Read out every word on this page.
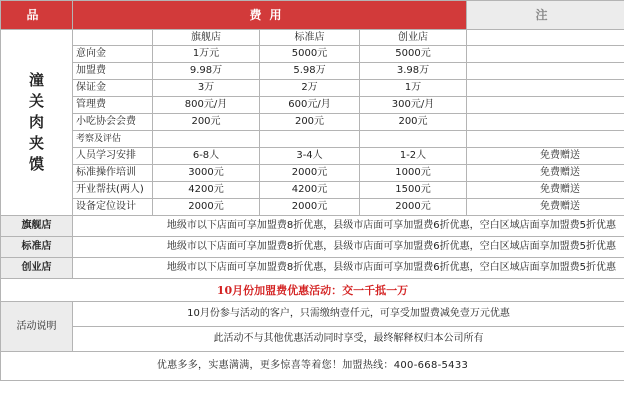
品	费用				注

潼
关
肉
夹
馍		旗舰店	标准店	创业店	
	意向金	1万元	5000元	5000元	
	加盟费	9.98万	5.98万	3.98万	
	保证金	3万	2万	1万	
	管理费	800元/月	600元/月	300元/月	
	小吃协会会费	200元	200元	200元	
	考察及评估				
	人员学习安排	6-8人	3-4人	1-2人	免费赠送
	标准操作培训	3000元	2000元	1000元	免费赠送
	开业帮扶(两人)	4200元	4200元	1500元	免费赠送
	设备定位设计	2000元	2000元	2000元	免费赠送
旗舰店	地级市以下店面可享加盟费8折优惠，县级市店面可享加盟费6折优惠，空白区域店面享加盟费5折优惠				
标准店	地级市以下店面可享加盟费8折优惠，县级市店面可享加盟费6折优惠，空白区域店面享加盟费5折优惠				
创业店	地级市以下店面可享加盟费8折优惠，县级市店面可享加盟费6折优惠，空白区域店面享加盟费5折优惠				
10月份加盟费优惠活动：交一千抵一万					
活动说明	10月份参与活动的客户，只需缴纳壹仟元，可享受加盟费减免壹万元优惠				
	此活动不与其他优惠活动同时享受，最终解释权归本公司所有				
优惠多多，实惠满满，更多惊喜等着您！加盟热线：400-668-5433					
